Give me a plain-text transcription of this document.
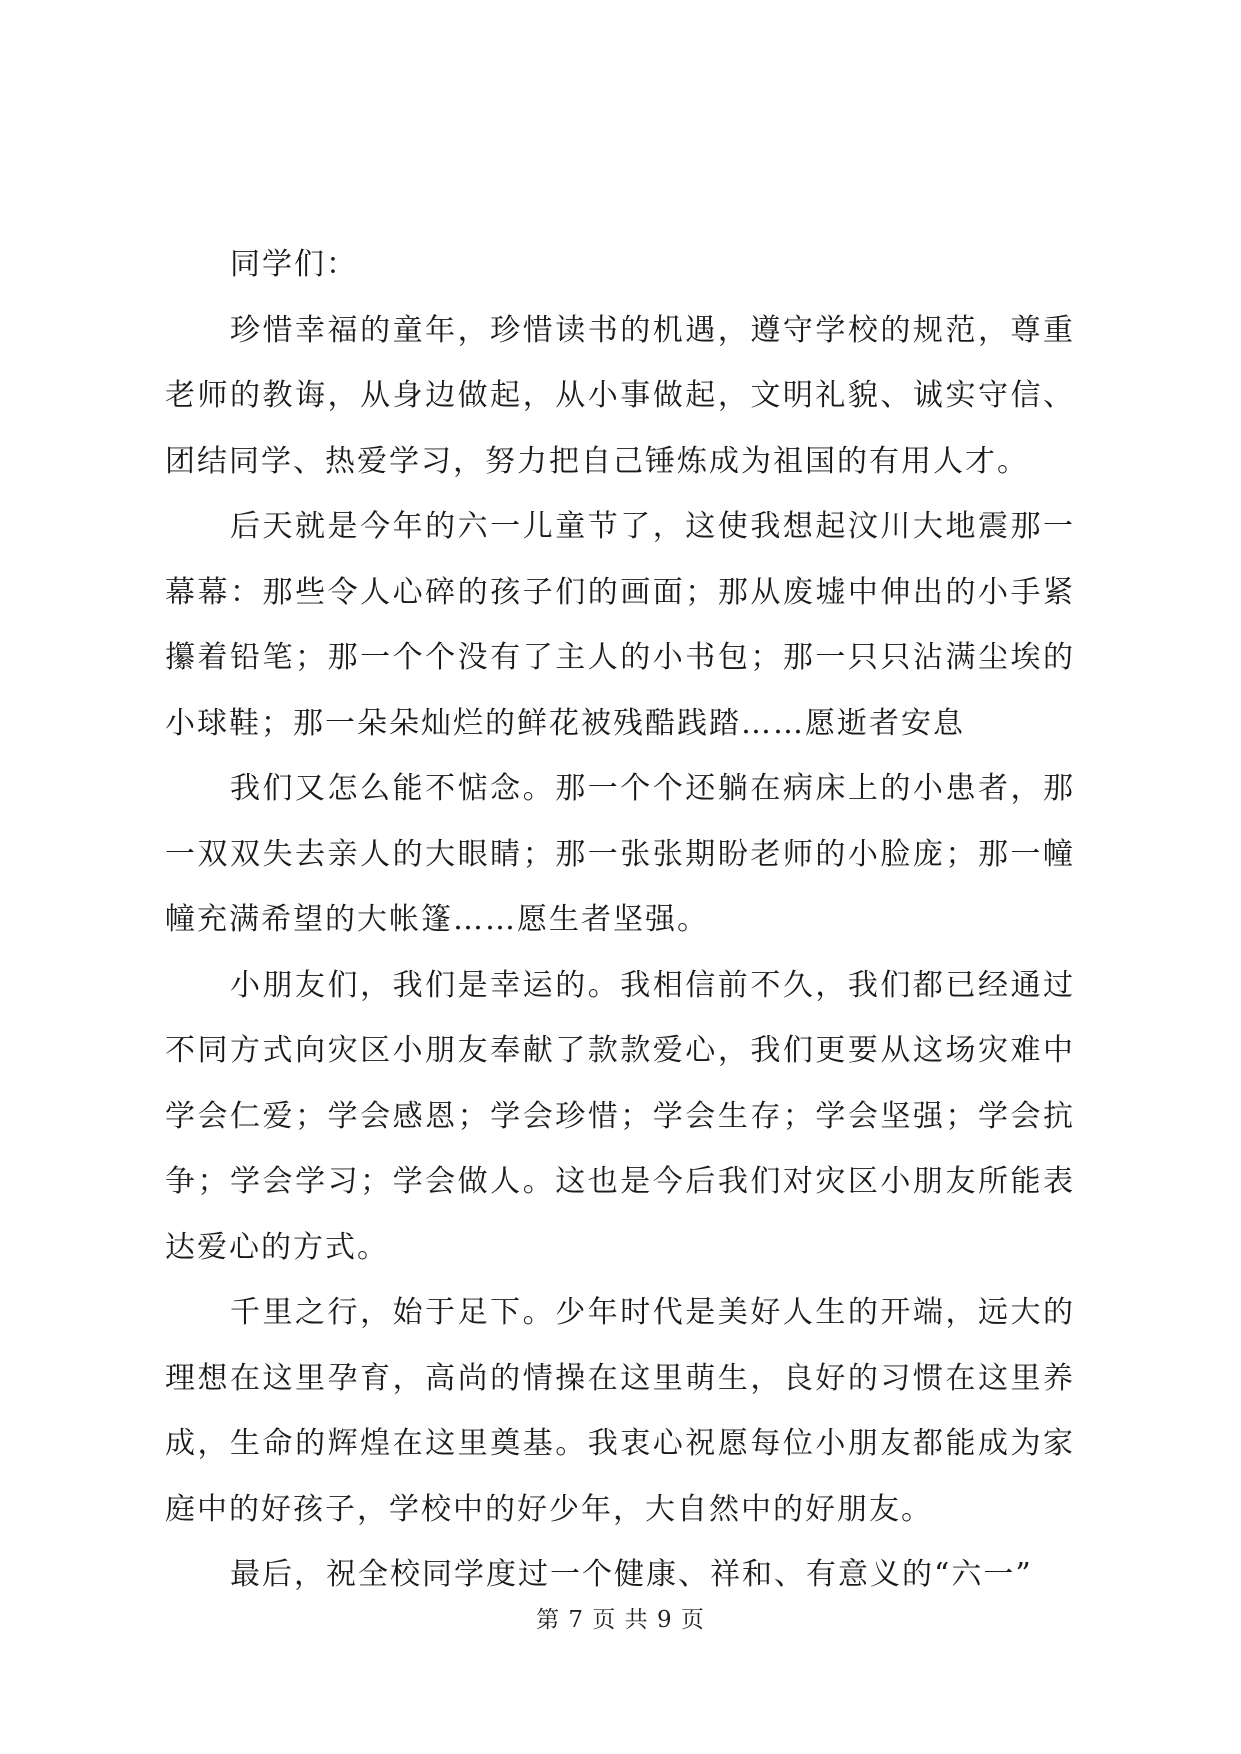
同学们：

珍惜幸福的童年，珍惜读书的机遇，遵守学校的规范，尊重老师的教诲，从身边做起，从小事做起，文明礼貌、诚实守信、团结同学、热爱学习，努力把自己锤炼成为祖国的有用人才。

后天就是今年的六一儿童节了，这使我想起汶川大地震那一幕幕：那些令人心碎的孩子们的画面；那从废墟中伸出的小手紧攥着铅笔；那一个个没有了主人的小书包；那一只只沾满尘埃的小球鞋；那一朵朵灿烂的鲜花被残酷践踏……愿逝者安息

我们又怎么能不惦念。那一个个还躺在病床上的小患者，那一双双失去亲人的大眼睛；那一张张期盼老师的小脸庞；那一幢幢充满希望的大帐篷……愿生者坚强。

小朋友们，我们是幸运的。我相信前不久，我们都已经通过不同方式向灾区小朋友奉献了款款爱心，我们更要从这场灾难中学会仁爱；学会感恩；学会珍惜；学会生存；学会坚强；学会抗争；学会学习；学会做人。这也是今后我们对灾区小朋友所能表达爱心的方式。

千里之行，始于足下。少年时代是美好人生的开端，远大的理想在这里孕育，高尚的情操在这里萌生，良好的习惯在这里养成，生命的辉煌在这里奠基。我衷心祝愿每位小朋友都能成为家庭中的好孩子，学校中的好少年，大自然中的好朋友。

最后，祝全校同学度过一个健康、祥和、有意义的“六一”

第 7 页 共 9 页
